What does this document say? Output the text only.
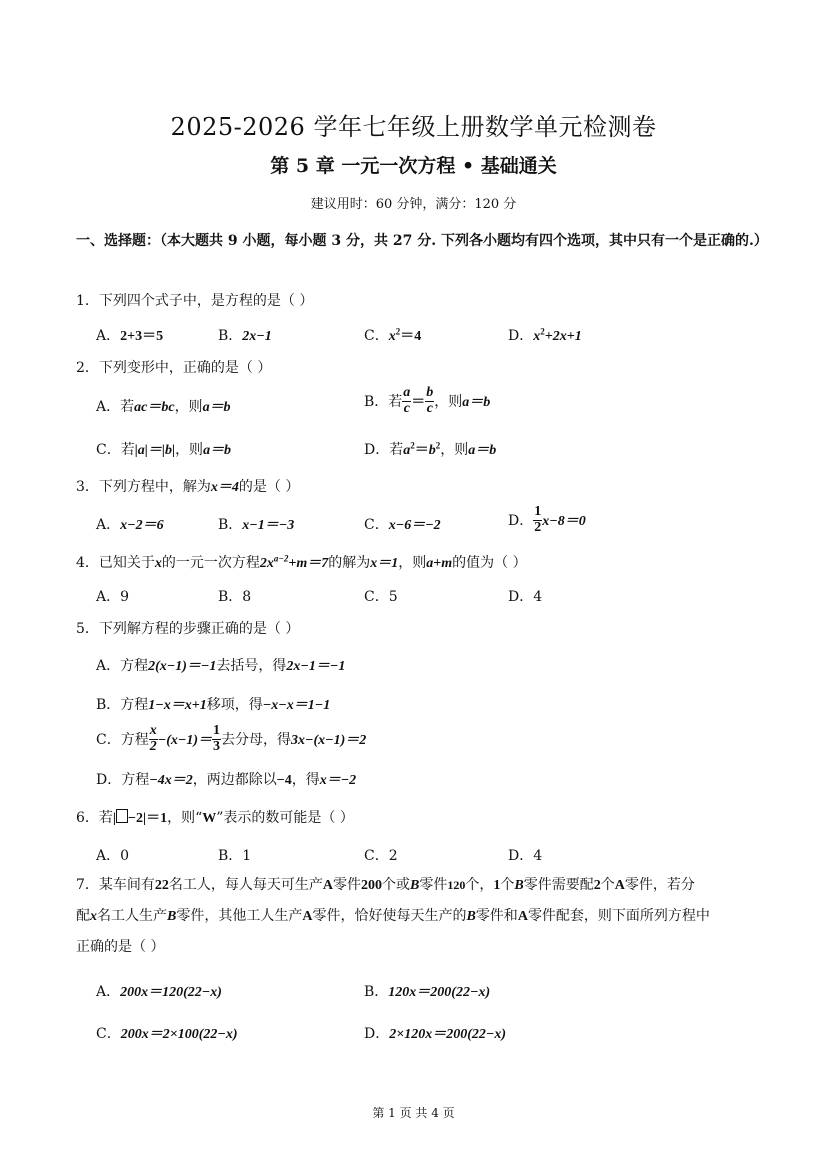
2025-2026 学年七年级上册数学单元检测卷
第 5 章 一元一次方程 • 基础通关
建议用时：60 分钟，满分：120 分
一、选择题：（本大题共 9 小题，每小题 3 分，共 27 分. 下列各小题均有四个选项，其中只有一个是正确的.）
1．下列四个式子中，是方程的是（ ）
A．2+3＝5	B．2x−1	C．$x^2=4$	D．$x^2+2x+1$
2．下列变形中，正确的是（ ）
A．若ac＝bc，则a＝b	B．若 $\frac{a}{c} = \frac{b}{c}$ ，则a＝b
C．若|a|＝|b|，则a＝b	D．若$a^2=b^2$，则a＝b
3．下列方程中，解为x＝4的是（ ）
A．x−2＝6	B．x−1＝−3	C．x−6＝−2	D． $\frac{1}{2} x-8=0$
4．已知关于x的一元一次方程$2x^{a-2}+m=7$的解为x＝1，则a+m的值为（ ）
A．9	B．8	C．5	D．4
5．下列解方程的步骤正确的是（ ）
A．方程2(x−1)＝−1去括号，得2x−1＝−1
B．方程1−x＝x+1移项，得−x−x＝1−1
C．方程 $\frac{x}{2} -(x-1)= \frac{1}{3}$ 去分母，得3x−(x−1)＝2
D．方程−4x＝2，两边都除以−4，得x＝−2
6．若| −2|＝1，则“W”表示的数可能是（ ）
A．0	B．1	C．2	D．4
7．某车间有22名工人，每人每天可生产A零件200个或B零件120个，1个B零件需要配2个A零件，若分
配x名工人生产B零件，其他工人生产A零件，恰好使每天生产的B零件和A零件配套，则下面所列方程中
正确的是（ ）
A．200x＝120(22−x)	B．120x＝200(22−x)
C．200x＝2×100(22−x)	D．2×120x＝200(22−x)
第 1 页 共 4 页
